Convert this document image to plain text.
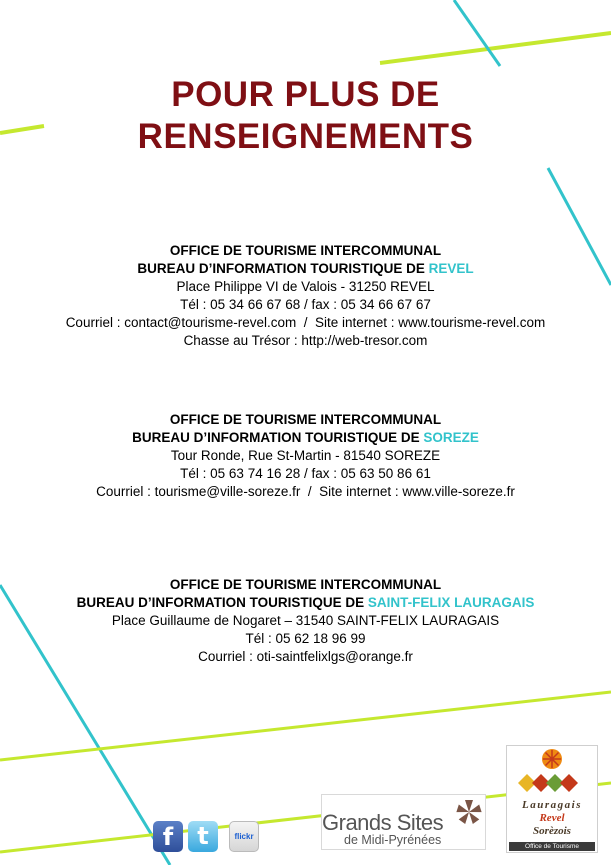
POUR PLUS DE
RENSEIGNEMENTS
OFFICE DE TOURISME INTERCOMMUNAL
BUREAU D’INFORMATION TOURISTIQUE DE REVEL
Place Philippe VI de Valois - 31250 REVEL
Tél : 05 34 66 67 68 / fax : 05 34 66 67 67
Courriel : contact@tourisme-revel.com  /  Site internet : www.tourisme-revel.com
Chasse au Trésor : http://web-tresor.com
OFFICE DE TOURISME INTERCOMMUNAL
BUREAU D’INFORMATION TOURISTIQUE DE SOREZE
Tour Ronde, Rue St-Martin - 81540 SOREZE
Tél : 05 63 74 16 28 / fax : 05 63 50 86 61
Courriel : tourisme@ville-soreze.fr  /  Site internet : www.ville-soreze.fr
OFFICE DE TOURISME INTERCOMMUNAL
BUREAU D’INFORMATION TOURISTIQUE DE SAINT-FELIX LAURAGAIS
Place Guillaume de Nogaret – 31540 SAINT-FELIX LAURAGAIS
Tél : 05 62 18 96 99
Courriel : oti-saintfelixlgs@orange.fr
f	t	flickr
Grands Sites
de Midi-Pyrénées
Lauragais
Revel
Sorèzois
Office de Tourisme
